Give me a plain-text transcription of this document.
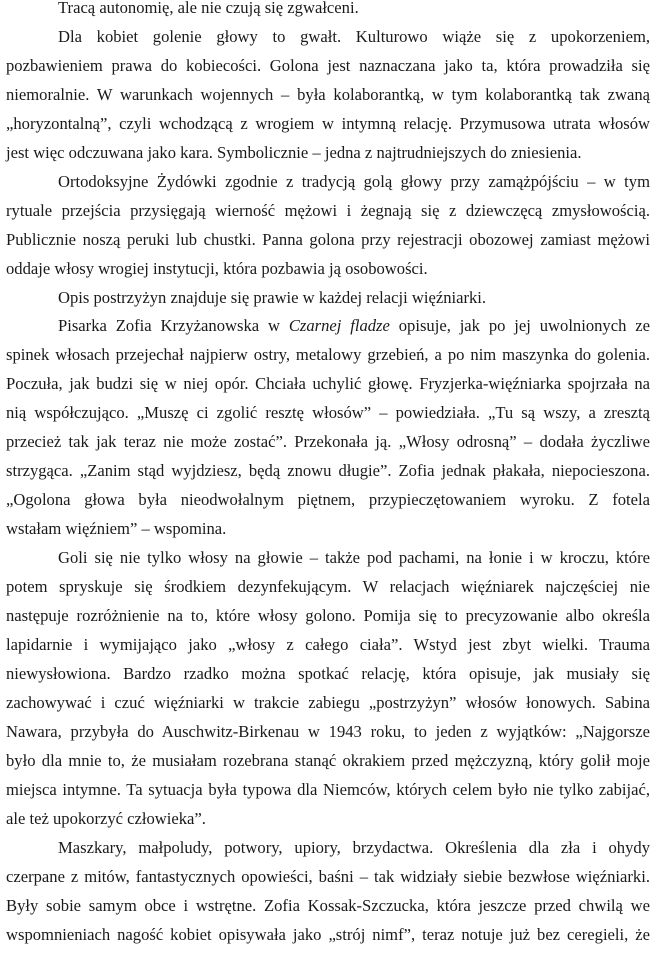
Tracą autonomię, ale nie czują się zgwałceni.
Dla kobiet golenie głowy to gwałt. Kulturowo wiąże się z upokorzeniem,
pozbawieniem prawa do kobiecości. Golona jest naznaczana jako ta, która prowadziła się
niemoralnie. W warunkach wojennych – była kolaborantką, w tym kolaborantką tak zwaną
„horyzontalną”, czyli wchodzącą z wrogiem w intymną relację. Przymusowa utrata włosów
jest więc odczuwana jako kara. Symbolicznie – jedna z najtrudniejszych do zniesienia.
Ortodoksyjne Żydówki zgodnie z tradycją golą głowy przy zamążpójściu – w tym
rytuale przejścia przysięgają wierność mężowi i żegnają się z dziewczęcą zmysłowością.
Publicznie noszą peruki lub chustki. Panna golona przy rejestracji obozowej zamiast mężowi
oddaje włosy wrogiej instytucji, która pozbawia ją osobowości.
Opis postrzyżyn znajduje się prawie w każdej relacji więźniarki.
Pisarka Zofia Krzyżanowska w Czarnej fladze opisuje, jak po jej uwolnionych ze
spinek włosach przejechał najpierw ostry, metalowy grzebień, a po nim maszynka do golenia.
Poczuła, jak budzi się w niej opór. Chciała uchylić głowę. Fryzjerka-więźniarka spojrzała na
nią współczująco. „Muszę ci zgolić resztę włosów” – powiedziała. „Tu są wszy, a zresztą
przecież tak jak teraz nie może zostać”. Przekonała ją. „Włosy odrosną” – dodała życzliwe
strzygąca. „Zanim stąd wyjdziesz, będą znowu długie”. Zofia jednak płakała, niepocieszona.
„Ogolona głowa była nieodwołalnym piętnem, przypieczętowaniem wyroku. Z fotela
wstałam więźniem” – wspomina.
Goli się nie tylko włosy na głowie – także pod pachami, na łonie i w kroczu, które
potem spryskuje się środkiem dezynfekującym. W relacjach więźniarek najczęściej nie
następuje rozróżnienie na to, które włosy golono. Pomija się to precyzowanie albo określa
lapidarnie i wymijająco jako „włosy z całego ciała”. Wstyd jest zbyt wielki. Trauma
niewysłowiona. Bardzo rzadko można spotkać relację, która opisuje, jak musiały się
zachowywać i czuć więźniarki w trakcie zabiegu „postrzyżyn” włosów łonowych. Sabina
Nawara, przybyła do Auschwitz-Birkenau w 1943 roku, to jeden z wyjątków: „Najgorsze
było dla mnie to, że musiałam rozebrana stanąć okrakiem przed mężczyzną, który golił moje
miejsca intymne. Ta sytuacja była typowa dla Niemców, których celem było nie tylko zabijać,
ale też upokorzyć człowieka”.
Maszkary, małpoludy, potwory, upiory, brzydactwa. Określenia dla zła i ohydy
czerpane z mitów, fantastycznych opowieści, baśni – tak widziały siebie bezwłose więźniarki.
Były sobie samym obce i wstrętne. Zofia Kossak-Szczucka, która jeszcze przed chwilą we
wspomnieniach nagość kobiet opisywała jako „strój nimf”, teraz notuje już bez ceregieli, że
